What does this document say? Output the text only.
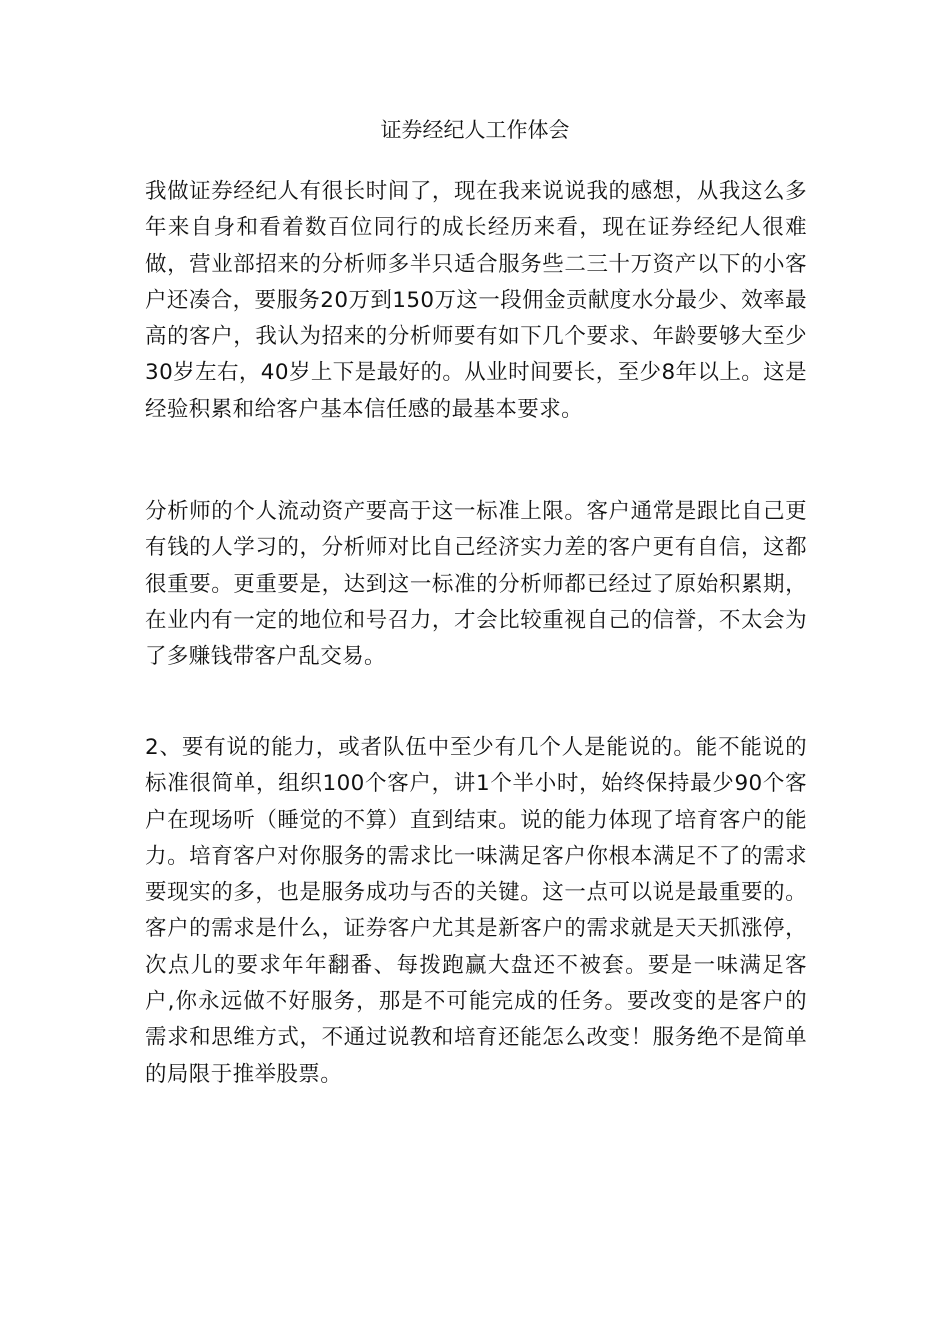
证券经纪人工作体会

我做证券经纪人有很长时间了，现在我来说说我的感想，从我这么多年来自身和看着数百位同行的成长经历来看，现在证券经纪人很难做，营业部招来的分析师多半只适合服务些二三十万资产以下的小客户还凑合，要服务20万到150万这一段佣金贡献度水分最少、效率最高的客户，我认为招来的分析师要有如下几个要求、年龄要够大至少30岁左右，40岁上下是最好的。从业时间要长，至少8年以上。这是经验积累和给客户基本信任感的最基本要求。

分析师的个人流动资产要高于这一标准上限。客户通常是跟比自己更有钱的人学习的，分析师对比自己经济实力差的客户更有自信，这都很重要。更重要是，达到这一标准的分析师都已经过了原始积累期，在业内有一定的地位和号召力，才会比较重视自己的信誉，不太会为了多赚钱带客户乱交易。

2、要有说的能力，或者队伍中至少有几个人是能说的。能不能说的标准很简单，组织100个客户，讲1个半小时，始终保持最少90个客户在现场听（睡觉的不算）直到结束。说的能力体现了培育客户的能力。培育客户对你服务的需求比一味满足客户你根本满足不了的需求要现实的多，也是服务成功与否的关键。这一点可以说是最重要的。客户的需求是什么，证券客户尤其是新客户的需求就是天天抓涨停，次点儿的要求年年翻番、每拨跑赢大盘还不被套。要是一味满足客户,你永远做不好服务，那是不可能完成的任务。要改变的是客户的需求和思维方式，不通过说教和培育还能怎么改变！服务绝不是简单的局限于推举股票。
